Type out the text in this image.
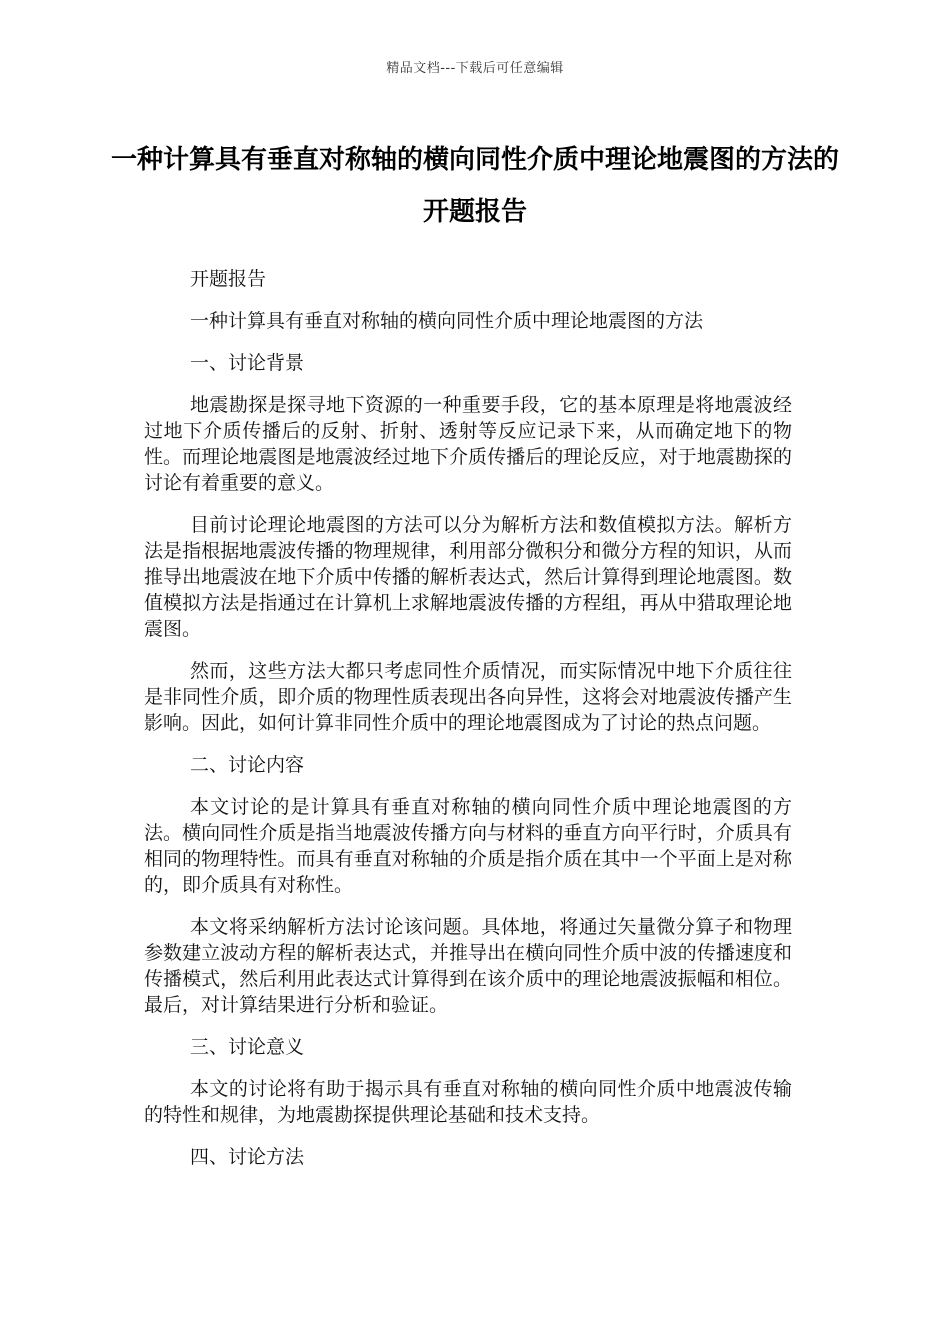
精品文档---下载后可任意编辑
一种计算具有垂直对称轴的横向同性介质中理论地震图的方法的开题报告

开题报告

一种计算具有垂直对称轴的横向同性介质中理论地震图的方法

一、讨论背景

地震勘探是探寻地下资源的一种重要手段，它的基本原理是将地震波经过地下介质传播后的反射、折射、透射等反应记录下来，从而确定地下的物性。而理论地震图是地震波经过地下介质传播后的理论反应，对于地震勘探的讨论有着重要的意义。

目前讨论理论地震图的方法可以分为解析方法和数值模拟方法。解析方法是指根据地震波传播的物理规律，利用部分微积分和微分方程的知识，从而推导出地震波在地下介质中传播的解析表达式，然后计算得到理论地震图。数值模拟方法是指通过在计算机上求解地震波传播的方程组，再从中猎取理论地震图。

然而，这些方法大都只考虑同性介质情况，而实际情况中地下介质往往是非同性介质，即介质的物理性质表现出各向异性，这将会对地震波传播产生影响。因此，如何计算非同性介质中的理论地震图成为了讨论的热点问题。

二、讨论内容

本文讨论的是计算具有垂直对称轴的横向同性介质中理论地震图的方法。横向同性介质是指当地震波传播方向与材料的垂直方向平行时，介质具有相同的物理特性。而具有垂直对称轴的介质是指介质在其中一个平面上是对称的，即介质具有对称性。

本文将采纳解析方法讨论该问题。具体地，将通过矢量微分算子和物理参数建立波动方程的解析表达式，并推导出在横向同性介质中波的传播速度和传播模式，然后利用此表达式计算得到在该介质中的理论地震波振幅和相位。最后，对计算结果进行分析和验证。

三、讨论意义

本文的讨论将有助于揭示具有垂直对称轴的横向同性介质中地震波传输的特性和规律，为地震勘探提供理论基础和技术支持。

四、讨论方法
